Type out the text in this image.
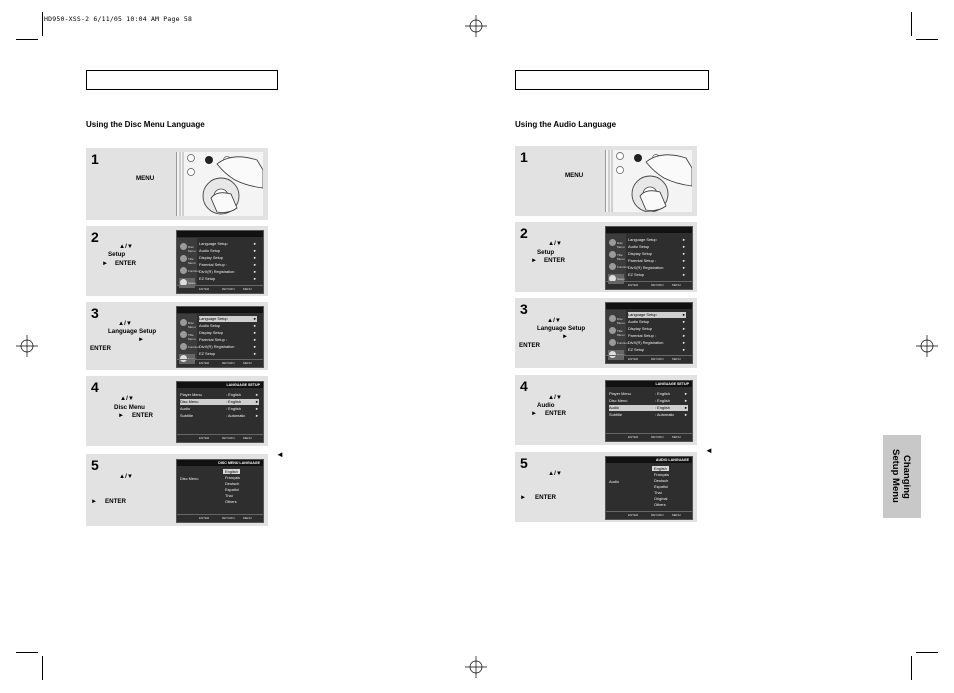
HD950-XSS-2 6/11/05 10:04 AM Page 58
Using the Disc Menu Language	Using the Audio Language
1
MENU
2
▲/▼
Setup
► ENTER
Disc Menu
Title Menu
Function
Setup
Language Setup	►
Audio Setup	►
Display Setup	►
Parental Setup :	►
DivX(R) Registration	►
EZ Setup	►
ENTER	RETURN	MENU
3
▲/▼
Language Setup
►
ENTER
Disc Menu
Title Menu
Function
Setup
Language Setup	►
Audio Setup	►
Display Setup	►
Parental Setup :	►
DivX(R) Registration	►
EZ Setup	►
ENTER	RETURN	MENU
4
▲/▼
Disc Menu
► ENTER
LANGUAGE SETUP
Player Menu	: English	►
Disc Menu	: English	►
Audio	: English	►
Subtitle	: Automatic	►
ENTER	RETURN	MENU
5
▲/▼
► ENTER
DISC MENU LANGUAGE
Disc Menu
English
Français
Deutsch
Español
Thai
Others
ENTER	RETURN	MENU
◄
1
MENU
2
▲/▼
Setup
► ENTER
Disc Menu
Title Menu
Function
Setup
Language Setup	►
Audio Setup	►
Display Setup	►
Parental Setup :	►
DivX(R) Registration	►
EZ Setup	►
ENTER	RETURN	MENU
3
▲/▼
Language Setup
►
ENTER
Disc Menu
Title Menu
Function
Setup
Language Setup	►
Audio Setup	►
Display Setup	►
Parental Setup :	►
DivX(R) Registration	►
EZ Setup	►
ENTER	RETURN	MENU
4
▲/▼
Audio
► ENTER
LANGUAGE SETUP
Player Menu	: English	►
Disc Menu	: English	►
Audio	: English	►
Subtitle	: Automatic	►
ENTER	RETURN	MENU
5
▲/▼
► ENTER
AUDIO LANGUAGE
Audio
English
Français
Deutsch
Español
Thai
Original
Others
ENTER	RETURN	MENU
◄
Changing
Setup Menu
